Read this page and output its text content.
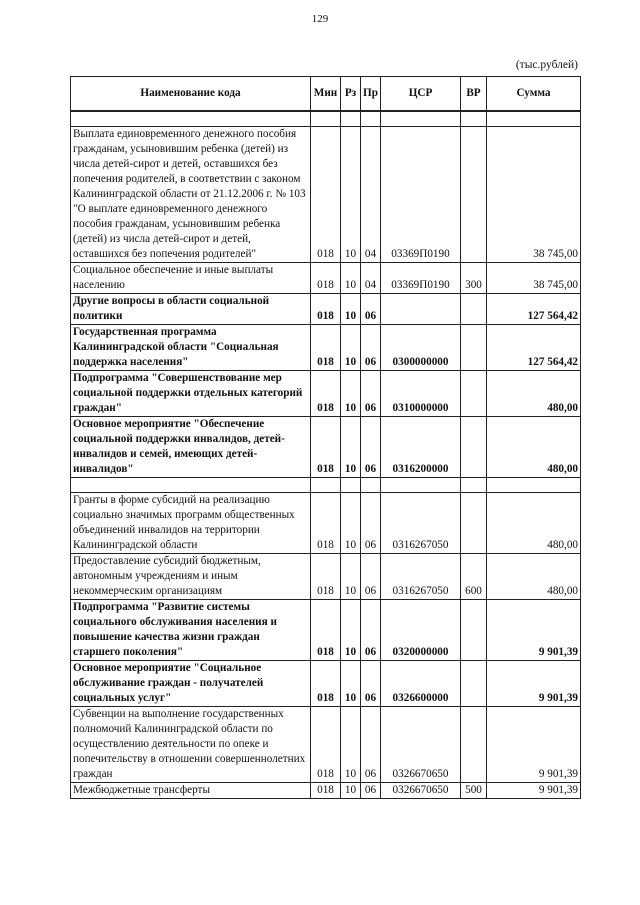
129
(тыс.рублей)
Наименование кода	Мин	Рз	Пр	ЦСР	ВР	Сумма

Выплата единовременного денежного пособия гражданам, усыновившим ребенка (детей) из числа детей-сирот и детей, оставшихся без попечения родителей, в соответствии с законом Калининградской области от 21.12.2006 г. № 103 "О выплате единовременного денежного пособия гражданам, усыновившим ребенка (детей) из числа детей-сирот и детей, оставшихся без попечения родителей"	018	10	04	03369П0190		38 745,00
Социальное обеспечение и иные выплаты населению	018	10	04	03369П0190	300	38 745,00
Другие вопросы в области социальной политики	018	10	06			127 564,42
Государственная программа Калининградской области "Социальная поддержка населения"	018	10	06	0300000000		127 564,42
Подпрограмма "Совершенствование мер социальной поддержки отдельных категорий граждан"	018	10	06	0310000000		480,00
Основное мероприятие "Обеспечение социальной поддержки инвалидов, детей-инвалидов и семей, имеющих детей-инвалидов"	018	10	06	0316200000		480,00

Гранты в форме субсидий на реализацию социально значимых программ общественных объединений инвалидов на территории Калининградской области	018	10	06	0316267050		480,00
Предоставление субсидий бюджетным, автономным учреждениям и иным некоммерческим организациям	018	10	06	0316267050	600	480,00
Подпрограмма "Развитие системы социального обслуживания населения и повышение качества жизни граждан старшего поколения"	018	10	06	0320000000		9 901,39
Основное мероприятие "Социальное обслуживание граждан - получателей социальных услуг"	018	10	06	0326600000		9 901,39
Субвенции на выполнение государственных полномочий Калининградской области по осуществлению деятельности по опеке и попечительству в отношении совершеннолетних граждан	018	10	06	0326670650		9 901,39
Межбюджетные трансферты	018	10	06	0326670650	500	9 901,39
